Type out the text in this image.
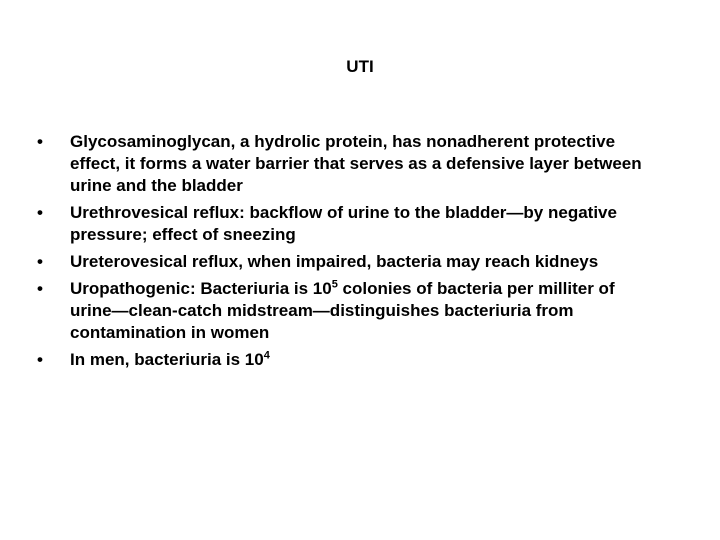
UTI
• Glycosaminoglycan, a hydrolic protein, has nonadherent protective effect, it forms a water barrier that serves as a defensive layer between urine and the bladder
• Urethrovesical reflux: backflow of urine to the bladder—by negative pressure; effect of sneezing
• Ureterovesical reflux, when impaired, bacteria may reach kidneys
• Uropathogenic: Bacteriuria is $10^5$ colonies of bacteria per milliter of urine—clean-catch midstream—distinguishes bacteriuria from contamination in women
• In men, bacteriuria is $10^4$
